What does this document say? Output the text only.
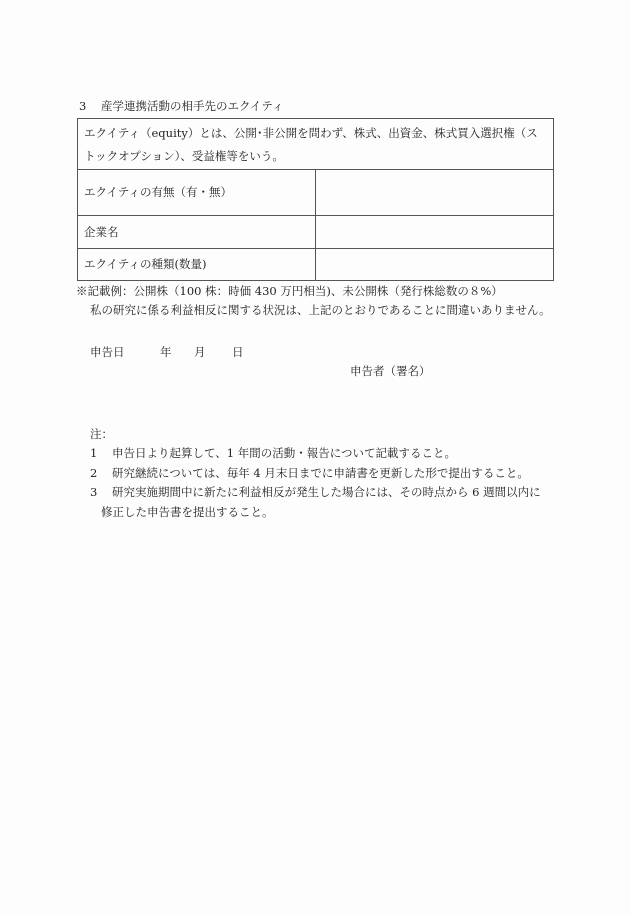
3 産学連携活動の相手先のエクイティ
エクイティ（equity）とは、公開･非公開を問わず、株式、出資金、株式買入選択権（ストックオプション）、受益権等をいう。	
エクイティの有無（有・無）	
企業名	
エクイティの種類(数量)	
※記載例：公開株（100 株：時価 430 万円相当)、未公開株（発行株総数の８%）
私の研究に係る利益相反に関する状況は、上記のとおりであることに間違いありません。
申告日	年 月 日
申告者（署名）
注：
1 申告日より起算して、1 年間の活動・報告について記載すること。
2 研究継続については、毎年 4 月末日までに申請書を更新した形で提出すること。
3 研究実施期間中に新たに利益相反が発生した場合には、その時点から 6 週間以内に
修正した申告書を提出すること。
